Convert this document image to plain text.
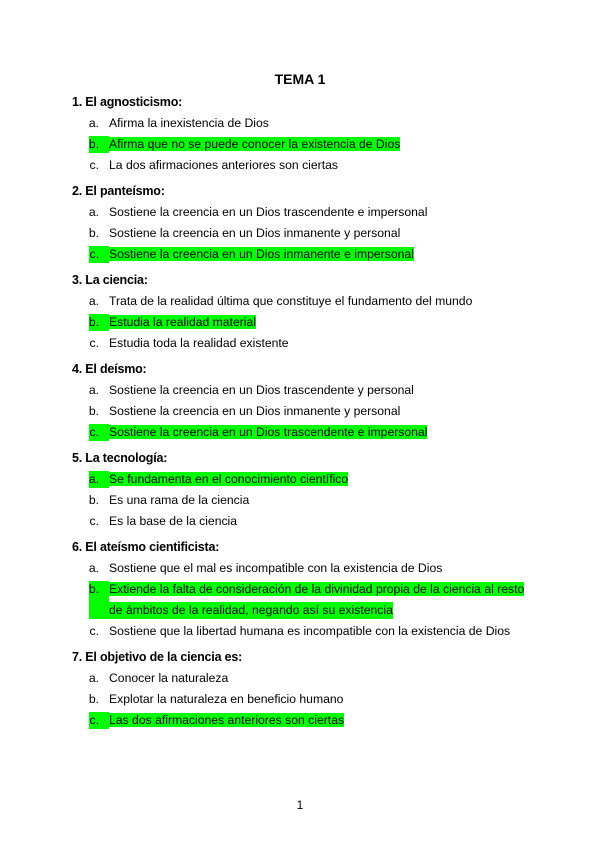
TEMA 1
1. El agnosticismo:
a. Afirma la inexistencia de Dios
b. Afirma que no se puede conocer la existencia de Dios
c. La dos afirmaciones anteriores son ciertas
2. El panteísmo:
a. Sostiene la creencia en un Dios trascendente e impersonal
b. Sostiene la creencia en un Dios inmanente y personal
c. Sostiene la creencia en un Dios inmanente e impersonal
3. La ciencia:
a. Trata de la realidad última que constituye el fundamento del mundo
b. Estudia la realidad material
c. Estudia toda la realidad existente
4. El deísmo:
a. Sostiene la creencia en un Dios trascendente y personal
b. Sostiene la creencia en un Dios inmanente y personal
c. Sostiene la creencia en un Dios trascendente e impersonal
5. La tecnología:
a. Se fundamenta en el conocimiento científico
b. Es una rama de la ciencia
c. Es la base de la ciencia
6. El ateísmo cientificista:
a. Sostiene que el mal es incompatible con la existencia de Dios
b. Extiende la falta de consideración de la divinidad propia de la ciencia al resto
de ámbitos de la realidad, negando así su existencia
c. Sostiene que la libertad humana es incompatible con la existencia de Dios
7. El objetivo de la ciencia es:
a. Conocer la naturaleza
b. Explotar la naturaleza en beneficio humano
c. Las dos afirmaciones anteriores son ciertas
1
